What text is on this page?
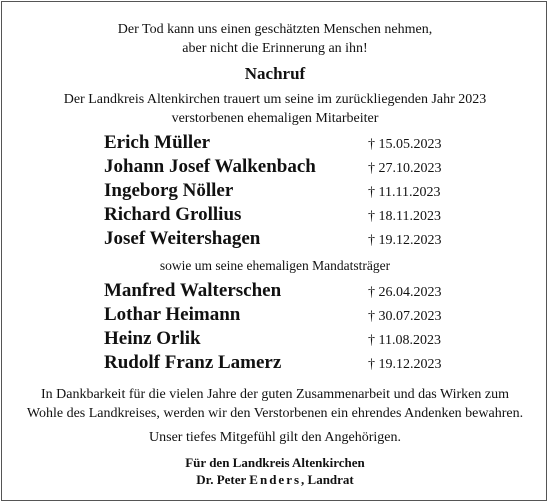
Der Tod kann uns einen geschätzten Menschen nehmen,
aber nicht die Erinnerung an ihn!
Nachruf
Der Landkreis Altenkirchen trauert um seine im zurückliegenden Jahr 2023
verstorbenen ehemaligen Mitarbeiter
Erich Müller	† 15.05.2023
Johann Josef Walkenbach	† 27.10.2023
Ingeborg Nöller	† 11.11.2023
Richard Grollius	† 18.11.2023
Josef Weitershagen	† 19.12.2023
sowie um seine ehemaligen Mandatsträger
Manfred Walterschen	† 26.04.2023
Lothar Heimann	† 30.07.2023
Heinz Orlik	† 11.08.2023
Rudolf Franz Lamerz	† 19.12.2023
In Dankbarkeit für die vielen Jahre der guten Zusammenarbeit und das Wirken zum
Wohle des Landkreises, werden wir den Verstorbenen ein ehrendes Andenken bewahren.
Unser tiefes Mitgefühl gilt den Angehörigen.
Für den Landkreis Altenkirchen
Dr. Peter Enders, Landrat
